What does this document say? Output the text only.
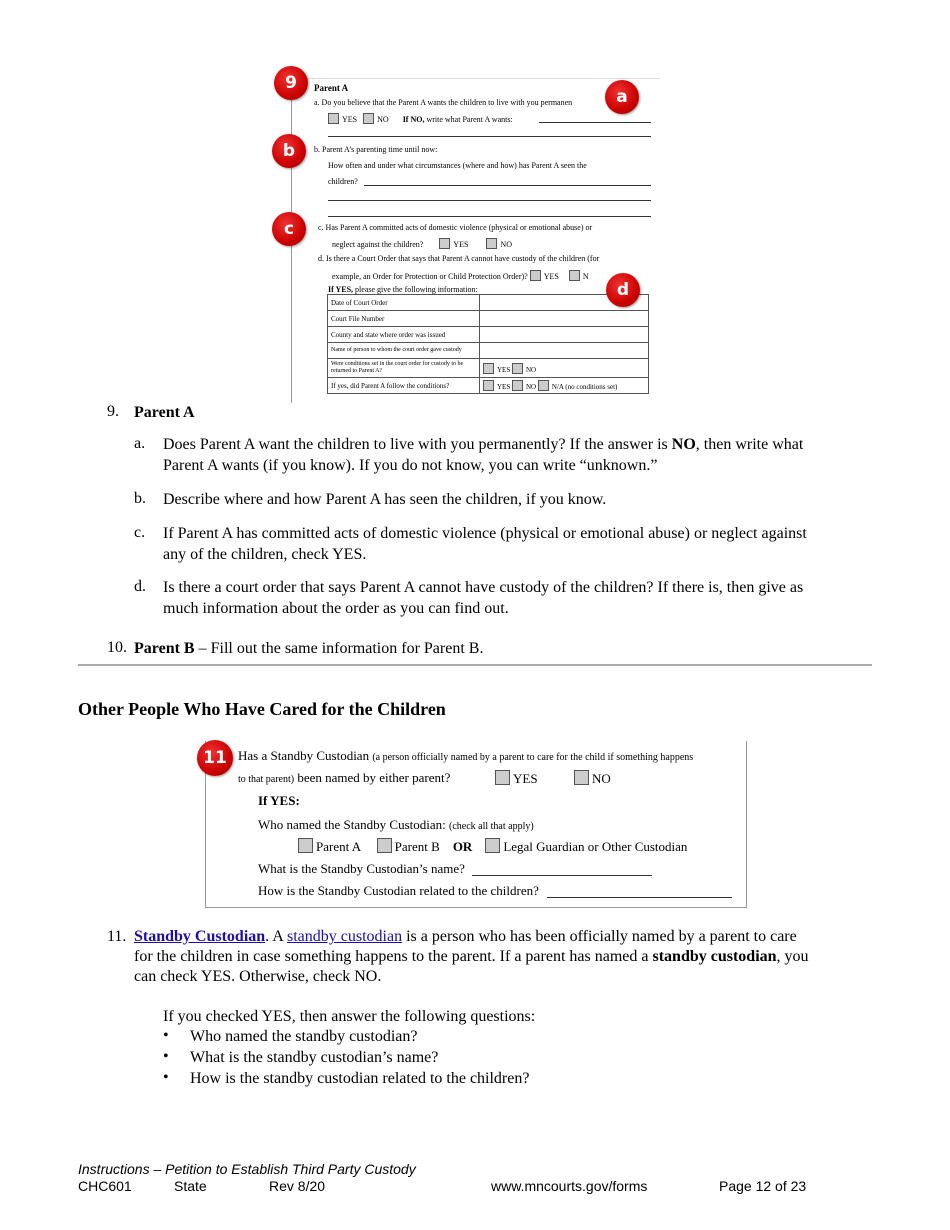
Parent A
a. Do you believe that the Parent A wants the children to live with you permanen
YES	NO If NO, write what Parent A wants:
b. Parent A’s parenting time until now:
How often and under what circumstances (where and how) has Parent A seen the
children?
c. Has Parent A committed acts of domestic violence (physical or emotional abuse) or
neglect against the children?	YES	NO
d. Is there a Court Order that says that Parent A cannot have custody of the children (for
example, an Order for Protection or Child Protection Order)? YES	N
If YES, please give the following information:
Date of Court Order	
Court File Number	
County and state where order was issued	
Name of person to whom the court order gave custody	
Were conditions set in the court order for custody to be returned to Parent A?	YES NO
If yes, did Parent A follow the conditions?	YES NO N/A (no conditions set)
9
a
b
c
d
9. Parent A
a. Does Parent A want the children to live with you permanently? If the answer is NO, then write what
Parent A wants (if you know). If you do not know, you can write “unknown.”
b. Describe where and how Parent A has seen the children, if you know.
c. If Parent A has committed acts of domestic violence (physical or emotional abuse) or neglect against
any of the children, check YES.
d. Is there a court order that says Parent A cannot have custody of the children? If there is, then give as
much information about the order as you can find out.
10. Parent B – Fill out the same information for Parent B.
Other People Who Have Cared for the Children
Has a Standby Custodian (a person officially named by a parent to care for the child if something happens
to that parent) been named by either parent?	YES	NO
If YES:
Who named the Standby Custodian: (check all that apply)
Parent A	Parent B OR Legal Guardian or Other Custodian
What is the Standby Custodian’s name?
How is the Standby Custodian related to the children?
11
11. Standby Custodian. A standby custodian is a person who has been officially named by a parent to care
for the children in case something happens to the parent. If a parent has named a standby custodian, you
can check YES. Otherwise, check NO.
If you checked YES, then answer the following questions:
• Who named the standby custodian?
• What is the standby custodian’s name?
• How is the standby custodian related to the children?
Instructions – Petition to Establish Third Party Custody
CHC601	State	Rev 8/20	www.mncourts.gov/forms	Page 12 of 23
